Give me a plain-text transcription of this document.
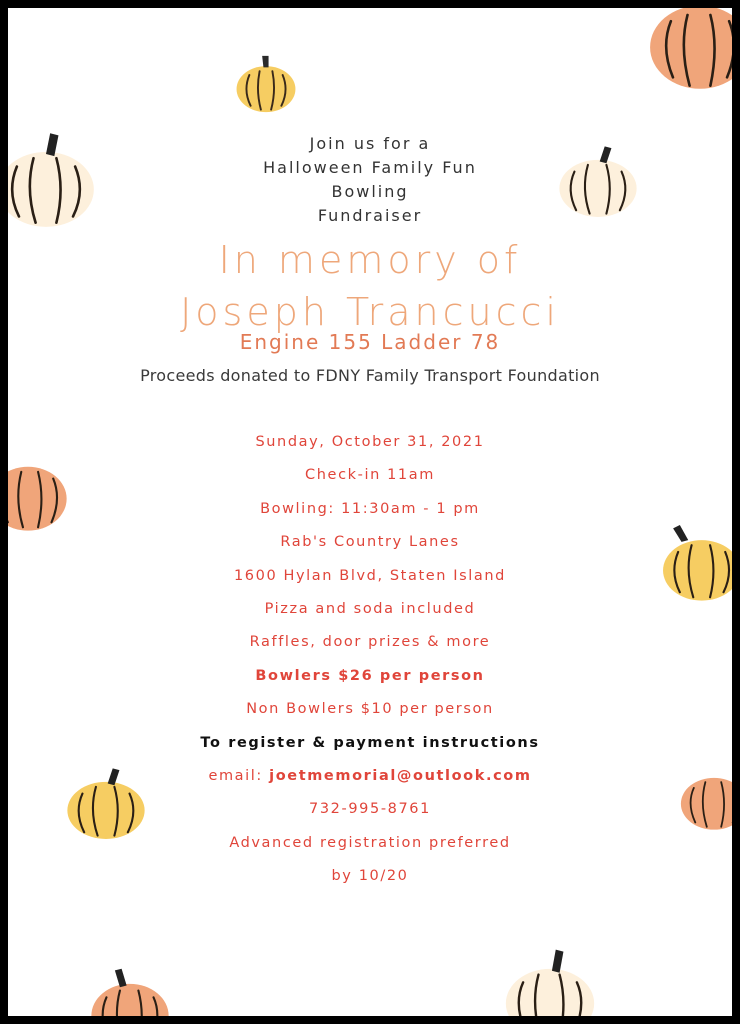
Join us for a
Halloween Family Fun
Bowling
Fundraiser
In memory of
Joseph Trancucci
Engine 155 Ladder 78
Proceeds donated to FDNY Family Transport Foundation
Sunday, October 31, 2021
Check-in 11am
Bowling: 11:30am - 1 pm
Rab's Country Lanes
1600 Hylan Blvd, Staten Island
Pizza and soda included
Raffles, door prizes & more
Bowlers $26 per person
Non Bowlers $10 per person
To register & payment instructions
email: joetmemorial@outlook.com
732-995-8761
Advanced registration preferred
by 10/20
